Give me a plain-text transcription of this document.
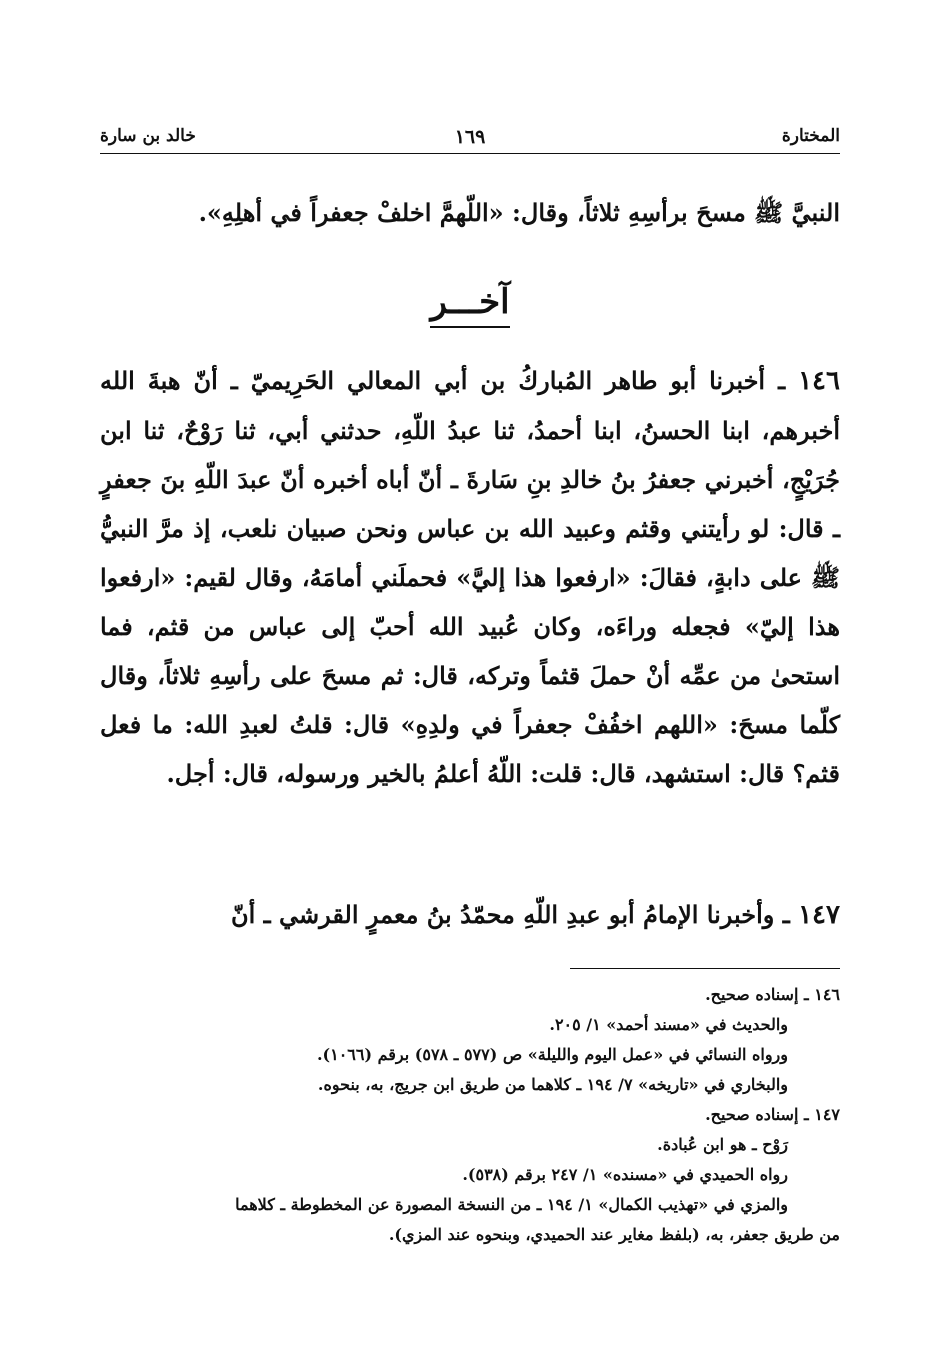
المختارة
١٦٩
خالد بن سارة
النبيَّ ﷺ مسحَ برأسِهِ ثلاثاً، وقال: «اللّهمَّ اخلفْ جعفراً في أهلِهِ».
آخـــر
١٤٦ ـ أخبرنا أبو طاهر المُباركُ بن أبي المعالي الحَرِيميّ ـ أنّ هبةَ الله أخبرهم، ابنا الحسنُ، ابنا أحمدُ، ثنا عبدُ اللّهِ، حدثني أبي، ثنا رَوْحٌ، ثنا ابن جُرَيْجٍ، أخبرني جعفرُ بنُ خالدِ بنِ سَارةَ ـ أنّ أباه أخبره أنّ عبدَ اللّهِ بنَ جعفرٍ ـ قال: لو رأيتني وقثم وعبيد الله بن عباس ونحن صبيان نلعب، إذ مرَّ النبيُّ ﷺ على دابةٍ، فقالَ: «ارفعوا هذا إليَّ» فحملَني أمامَهُ، وقال لقيم: «ارفعوا هذا إليّ» فجعله وراءَه، وكان عُبيد الله أحبّ إلى عباس من قثم، فما استحىٰ من عمِّه أنْ حملَ قثماً وتركه، قال: ثم مسحَ على رأسِهِ ثلاثاً، وقال كلّما مسحَ: «اللهم اخفُفْ جعفراً في ولدِهِ» قال: قلتُ لعبدِ الله: ما فعل قثم؟ قال: استشهد، قال: قلت: اللّهُ أعلمُ بالخير ورسوله، قال: أجل.
١٤٧ ـ وأخبرنا الإمامُ أبو عبدِ اللّهِ محمّدُ بنُ معمرٍ القرشي ـ أنّ
١٤٦ ـ إسناده صحيح.
والحديث في «مسند أحمد» ١/ ٢٠٥.
ورواه النسائي في «عمل اليوم والليلة» ص (٥٧٧ ـ ٥٧٨) برقم (١٠٦٦).
والبخاري في «تاريخه» ٧/ ١٩٤ ـ كلاهما من طريق ابن جريج، به، بنحوه.
١٤٧ ـ إسناده صحيح.
رَوْح ـ هو ابن عُبادة.
رواه الحميدي في «مسنده» ١/ ٢٤٧ برقم (٥٣٨).
والمزي في «تهذيب الكمال» ١/ ١٩٤ ـ من النسخة المصورة عن المخطوطة ـ كلاهما
من طريق جعفر، به، (بلفظ مغاير عند الحميدي، وبنحوه عند المزي).
